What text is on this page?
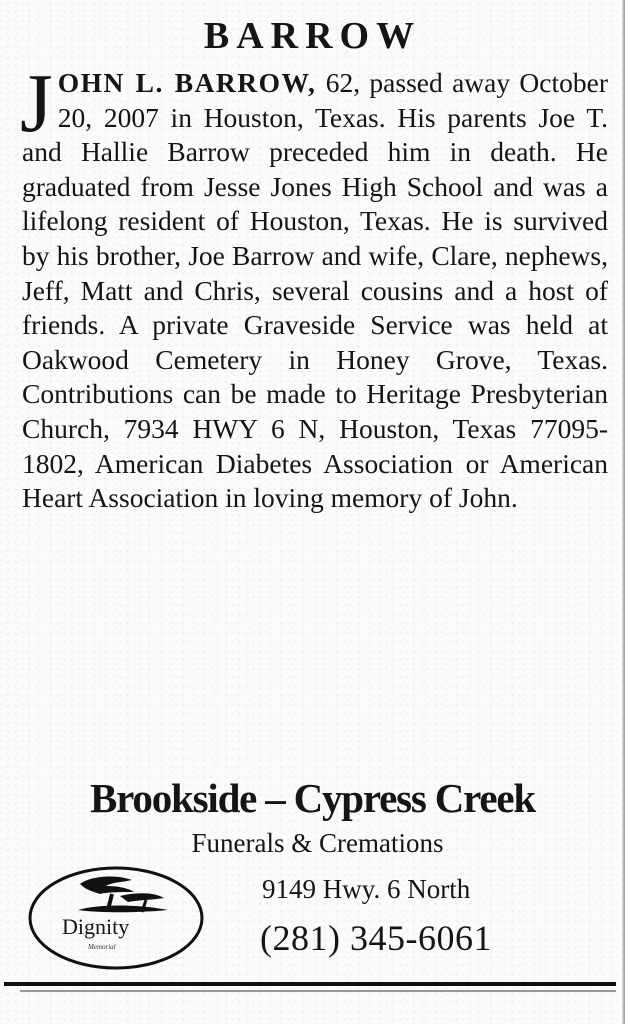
BARROW

JOHN L. BARROW, 62, passed away October 20, 2007 in Houston, Texas. His parents Joe T. and Hallie Barrow preceded him in death. He graduated from Jesse Jones High School and was a lifelong resident of Houston, Texas. He is survived by his brother, Joe Barrow and wife, Clare, nephews, Jeff, Matt and Chris, several cousins and a host of friends. A private Graveside Service was held at Oakwood Cemetery in Honey Grove, Texas. Contributions can be made to Heritage Presbyterian Church, 7934 HWY 6 N, Houston, Texas 77095-1802, American Diabetes Association or American Heart Association in loving memory of John.

Brookside – Cypress Creek

Funerals & Cremations

Dignity
Memorial

9149 Hwy. 6 North

(281) 345-6061
